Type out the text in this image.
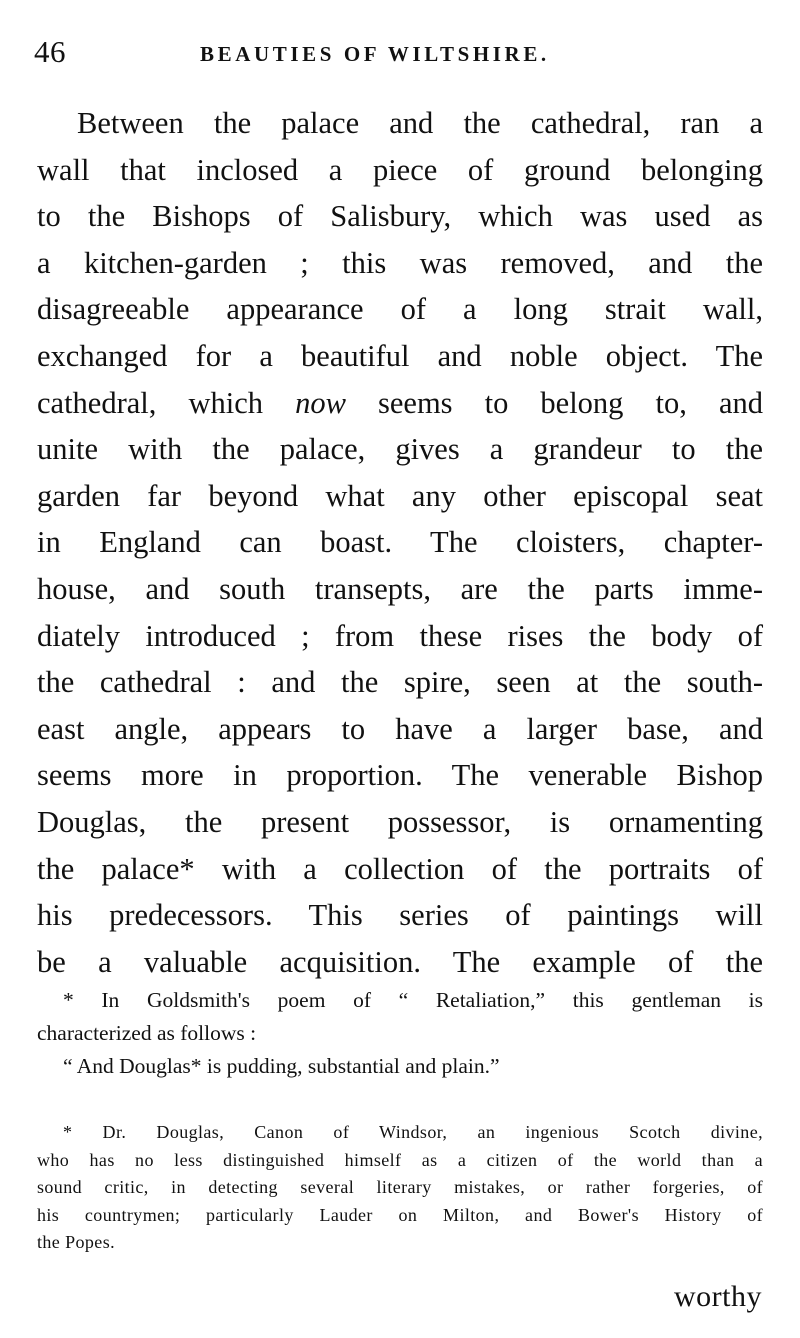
46	BEAUTIES OF WILTSHIRE.
Between the palace and the cathedral, ran a
wall that inclosed a piece of ground belonging
to the Bishops of Salisbury, which was used as
a kitchen-garden ; this was removed, and the
disagreeable appearance of a long strait wall,
exchanged for a beautiful and noble object. The
cathedral, which now seems to belong to, and
unite with the palace, gives a grandeur to the
garden far beyond what any other episcopal seat
in England can boast. The cloisters, chapter-
house, and south transepts, are the parts imme-
diately introduced ; from these rises the body of
the cathedral : and the spire, seen at the south-
east angle, appears to have a larger base, and
seems more in proportion. The venerable Bishop
Douglas, the present possessor, is ornamenting
the palace* with a collection of the portraits of
his predecessors. This series of paintings will
be a valuable acquisition. The example of the
* In Goldsmith's poem of “ Retaliation,” this gentleman is
characterized as follows :
“ And Douglas* is pudding, substantial and plain.”
* Dr. Douglas, Canon of Windsor, an ingenious Scotch divine,
who has no less distinguished himself as a citizen of the world than a
sound critic, in detecting several literary mistakes, or rather forgeries, of
his countrymen; particularly Lauder on Milton, and Bower's History of
the Popes.
worthy
